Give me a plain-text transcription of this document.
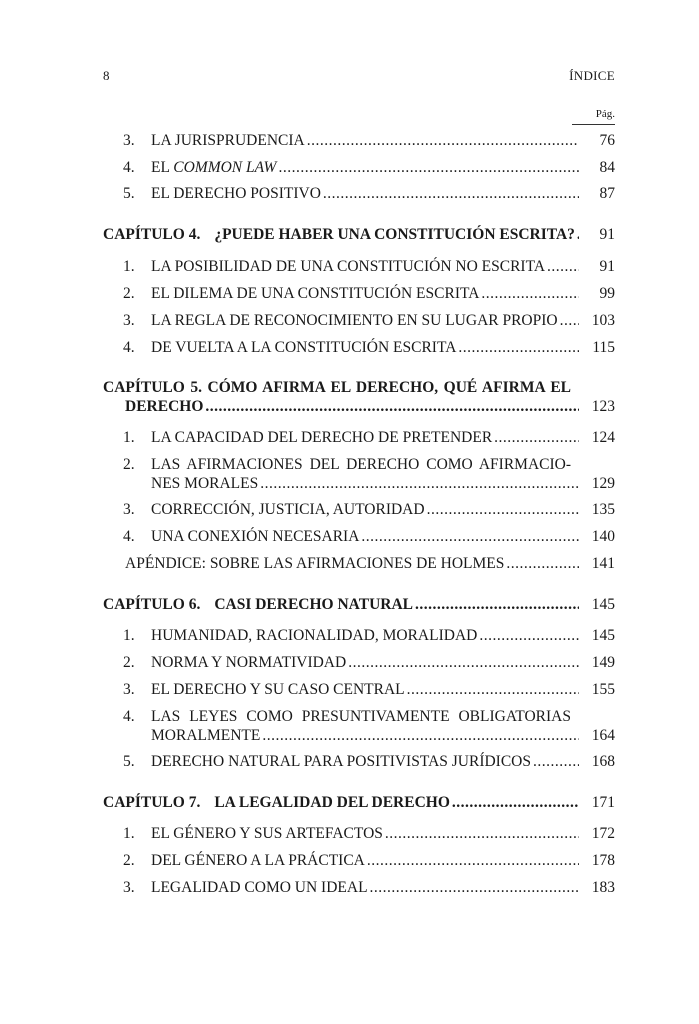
8	ÍNDICE
Pág.
3. LA JURISPRUDENCIA .....	76
4. EL COMMON LAW .....	84
5. EL DERECHO POSITIVO .....	87
CAPÍTULO 4. ¿PUEDE HABER UNA CONSTITUCIÓN ESCRITA? .....	91
1. LA POSIBILIDAD DE UNA CONSTITUCIÓN NO ESCRITA .....	91
2. EL DILEMA DE UNA CONSTITUCIÓN ESCRITA .....	99
3. LA REGLA DE RECONOCIMIENTO EN SU LUGAR PROPIO .....	103
4. DE VUELTA A LA CONSTITUCIÓN ESCRITA .....	115
CAPÍTULO 5. CÓMO AFIRMA EL DERECHO, QUÉ AFIRMA EL
DERECHO .....	123
1. LA CAPACIDAD DEL DERECHO DE PRETENDER .....	124
2. LAS AFIRMACIONES DEL DERECHO COMO AFIRMACIO-
NES MORALES .....	129
3. CORRECCIÓN, JUSTICIA, AUTORIDAD .....	135
4. UNA CONEXIÓN NECESARIA .....	140
APÉNDICE: SOBRE LAS AFIRMACIONES DE HOLMES .....	141
CAPÍTULO 6. CASI DERECHO NATURAL .....	145
1. HUMANIDAD, RACIONALIDAD, MORALIDAD .....	145
2. NORMA Y NORMATIVIDAD .....	149
3. EL DERECHO Y SU CASO CENTRAL .....	155
4. LAS LEYES COMO PRESUNTIVAMENTE OBLIGATORIAS
MORALMENTE .....	164
5. DERECHO NATURAL PARA POSITIVISTAS JURÍDICOS .....	168
CAPÍTULO 7. LA LEGALIDAD DEL DERECHO .....	171
1. EL GÉNERO Y SUS ARTEFACTOS .....	172
2. DEL GÉNERO A LA PRÁCTICA .....	178
3. LEGALIDAD COMO UN IDEAL .....	183
